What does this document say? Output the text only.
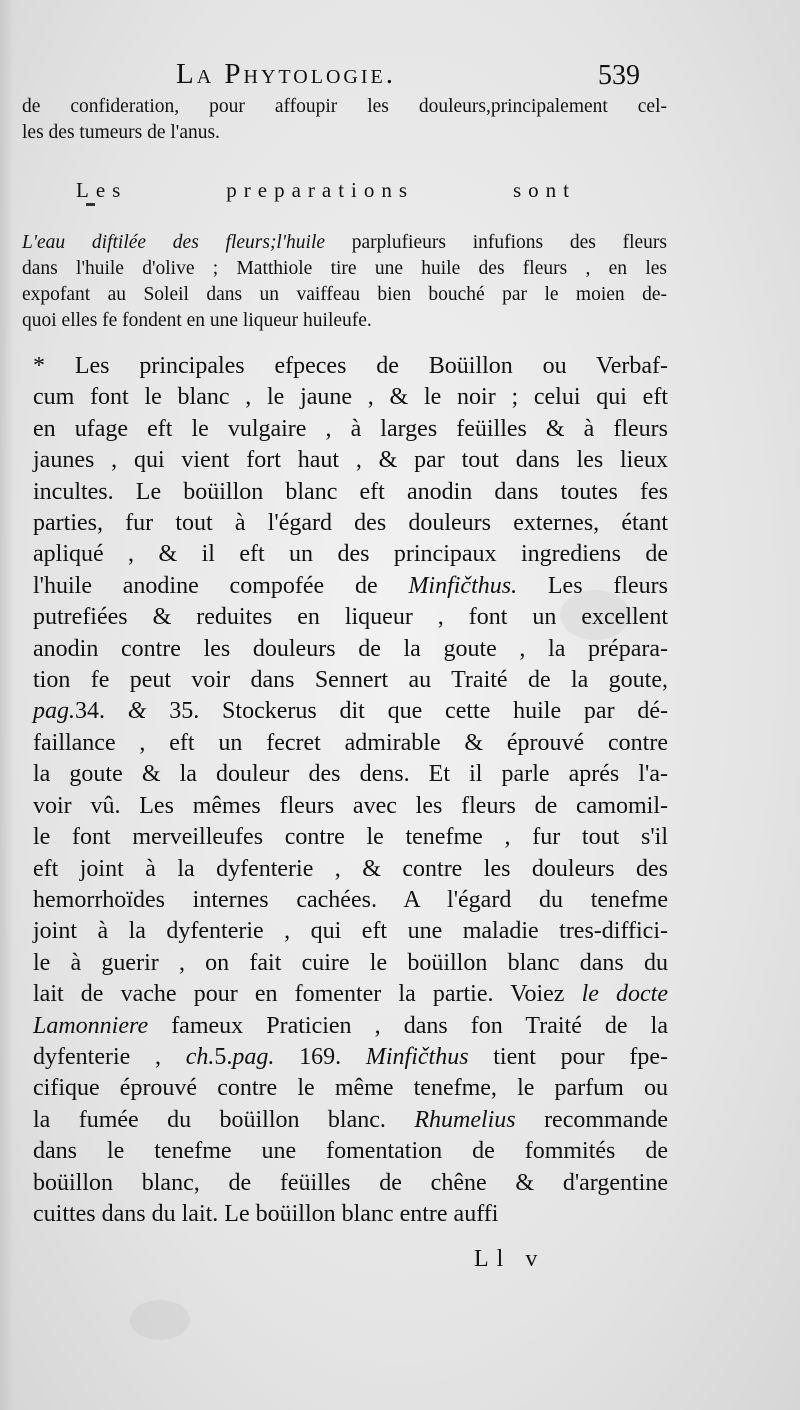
La Phytologie.	539
de confideration, pour affoupir les douleurs,principalement cel-
les des tumeurs de l'anus.
Les preparations sont
L'eau diftilée des fleurs;l'huile parplufieurs infufions des fleurs
dans l'huile d'olive ; Matthiole tire une huile des fleurs , en les
expofant au Soleil dans un vaiffeau bien bouché par le moien de-
quoi elles fe fondent en une liqueur huileufe.
* Les principales efpeces de Boüillon ou Verbaf-
cum font le blanc , le jaune , & le noir ; celui qui eft
en ufage eft le vulgaire , à larges feüilles & à fleurs
jaunes , qui vient fort haut , & par tout dans les lieux
incultes. Le boüillon blanc eft anodin dans toutes fes
parties, fur tout à l'égard des douleurs externes, étant
apliqué , & il eft un des principaux ingrediens de
l'huile anodine compofée de Minfičthus. Les fleurs
putrefiées & reduites en liqueur , font un excellent
anodin contre les douleurs de la goute , la prépara-
tion fe peut voir dans Sennert au Traité de la goute,
pag.34. & 35. Stockerus dit que cette huile par dé-
faillance , eft un fecret admirable & éprouvé contre
la goute & la douleur des dens. Et il parle aprés l'a-
voir vû. Les mêmes fleurs avec les fleurs de camomil-
le font merveilleufes contre le tenefme , fur tout s'il
eft joint à la dyfenterie , & contre les douleurs des
hemorrhoïdes internes cachées. A l'égard du tenefme
joint à la dyfenterie , qui eft une maladie tres-diffici-
le à guerir , on fait cuire le boüillon blanc dans du
lait de vache pour en fomenter la partie. Voiez le docte
Lamonniere fameux Praticien , dans fon Traité de la
dyfenterie , ch.5.pag. 169. Minfičthus tient pour fpe-
cifique éprouvé contre le même tenefme, le parfum ou
la fumée du boüillon blanc. Rhumelius recommande
dans le tenefme une fomentation de fommités de
boüillon blanc, de feüilles de chêne & d'argentine
cuittes dans du lait. Le boüillon blanc entre auffi
Ll v
